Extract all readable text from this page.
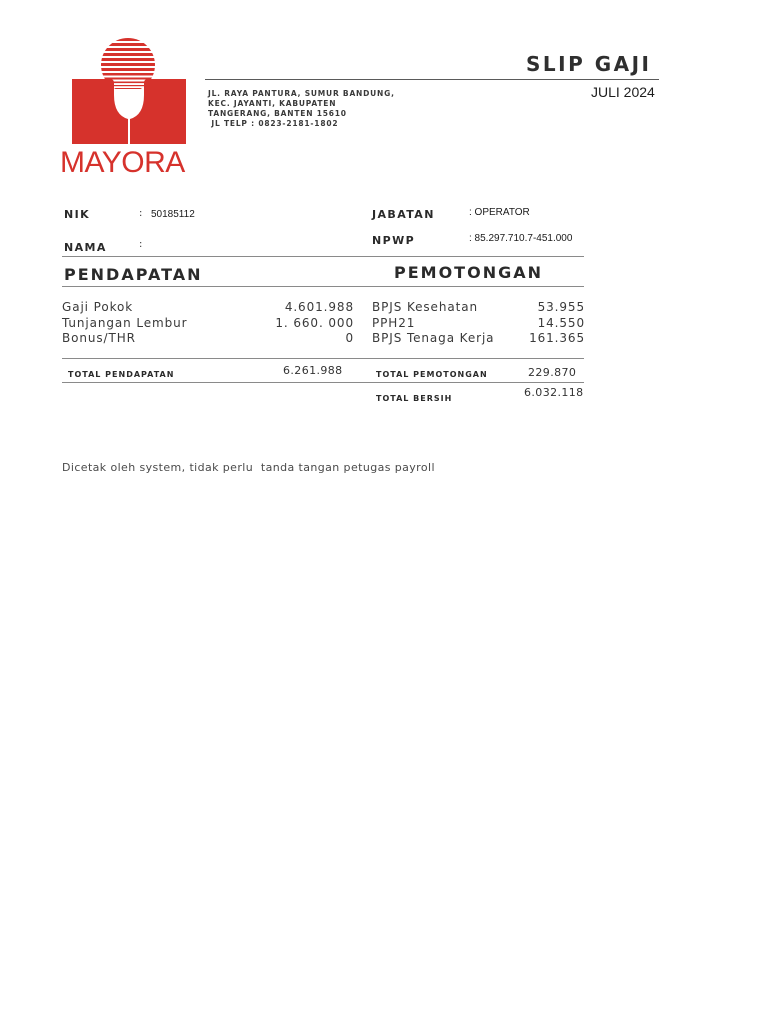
MAYORA
SLIP GAJI
JULI 2024
JL. RAYA PANTURA, SUMUR BANDUNG,
KEC. JAYANTI, KABUPATEN
TANGERANG, BANTEN 15610
JL TELP : 0823-2181-1802
NIK	: 50185112
NAMA	:
JABATAN	: OPERATOR
NPWP	: 85.297.710.7-451.000
PENDAPATAN	PEMOTONGAN
Gaji Pokok	4.601.988
Tunjangan Lembur	1. 660. 000
Bonus/THR	0
BPJS Kesehatan	53.955
PPH21	14.550
BPJS Tenaga Kerja	161.365
TOTAL PENDAPATAN	6.261.988	TOTAL PEMOTONGAN	229.870
TOTAL BERSIH	6.032.118
Dicetak oleh system, tidak perlu  tanda tangan petugas payroll
